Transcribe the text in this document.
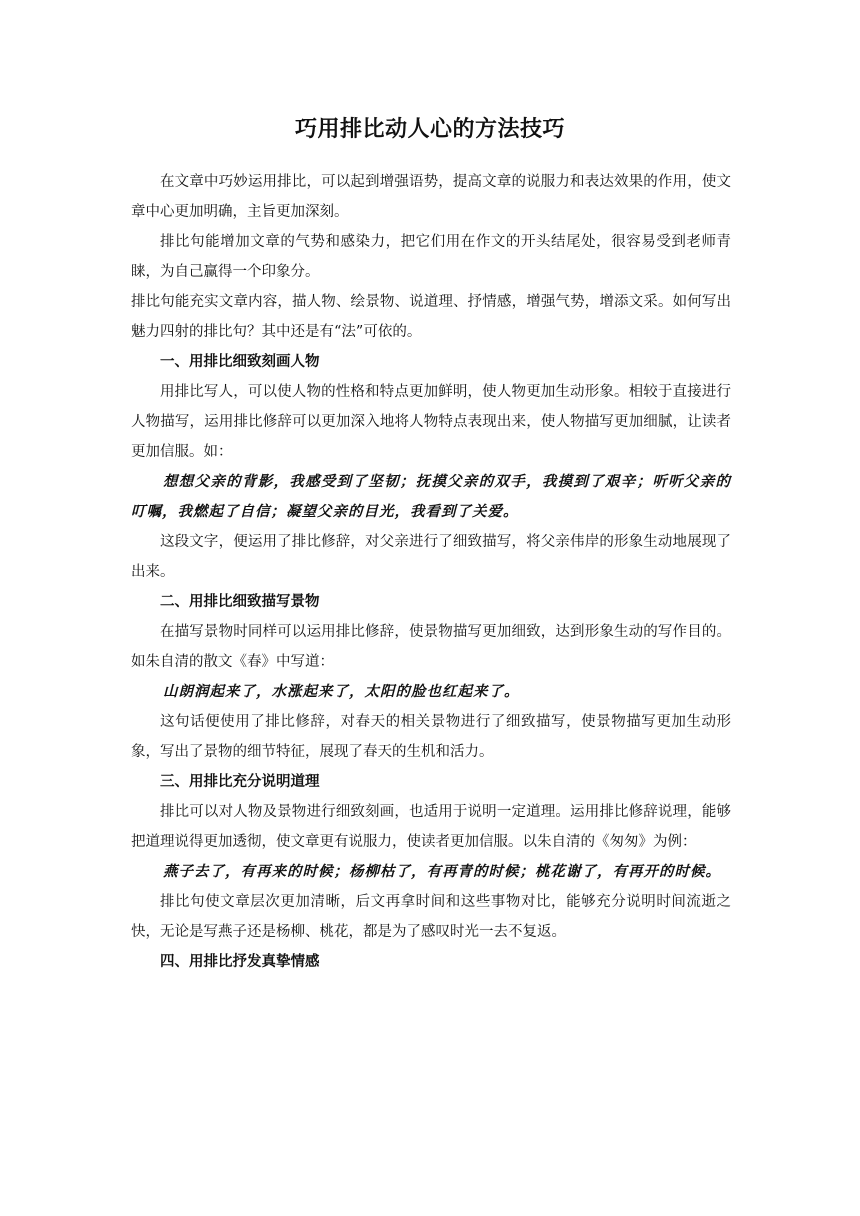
巧用排比动人心的方法技巧

在文章中巧妙运用排比，可以起到增强语势，提高文章的说服力和表达效果的作用，使文章中心更加明确，主旨更加深刻。

排比句能增加文章的气势和感染力，把它们用在作文的开头结尾处，很容易受到老师青睐，为自己赢得一个印象分。

排比句能充实文章内容，描人物、绘景物、说道理、抒情感，增强气势，增添文采。如何写出魅力四射的排比句？其中还是有“法”可依的。

一、用排比细致刻画人物

用排比写人，可以使人物的性格和特点更加鲜明，使人物更加生动形象。相较于直接进行人物描写，运用排比修辞可以更加深入地将人物特点表现出来，使人物描写更加细腻，让读者更加信服。如：

想想父亲的背影，我感受到了坚韧；抚摸父亲的双手，我摸到了艰辛；听听父亲的叮嘱，我燃起了自信；凝望父亲的目光，我看到了关爱。

这段文字，便运用了排比修辞，对父亲进行了细致描写，将父亲伟岸的形象生动地展现了出来。

二、用排比细致描写景物

在描写景物时同样可以运用排比修辞，使景物描写更加细致，达到形象生动的写作目的。如朱自清的散文《春》中写道：

山朗润起来了，水涨起来了，太阳的脸也红起来了。

这句话便使用了排比修辞，对春天的相关景物进行了细致描写，使景物描写更加生动形象，写出了景物的细节特征，展现了春天的生机和活力。

三、用排比充分说明道理

排比可以对人物及景物进行细致刻画，也适用于说明一定道理。运用排比修辞说理，能够把道理说得更加透彻，使文章更有说服力，使读者更加信服。以朱自清的《匆匆》为例：

燕子去了，有再来的时候；杨柳枯了，有再青的时候；桃花谢了，有再开的时候。

排比句使文章层次更加清晰，后文再拿时间和这些事物对比，能够充分说明时间流逝之快，无论是写燕子还是杨柳、桃花，都是为了感叹时光一去不复返。

四、用排比抒发真挚情感
